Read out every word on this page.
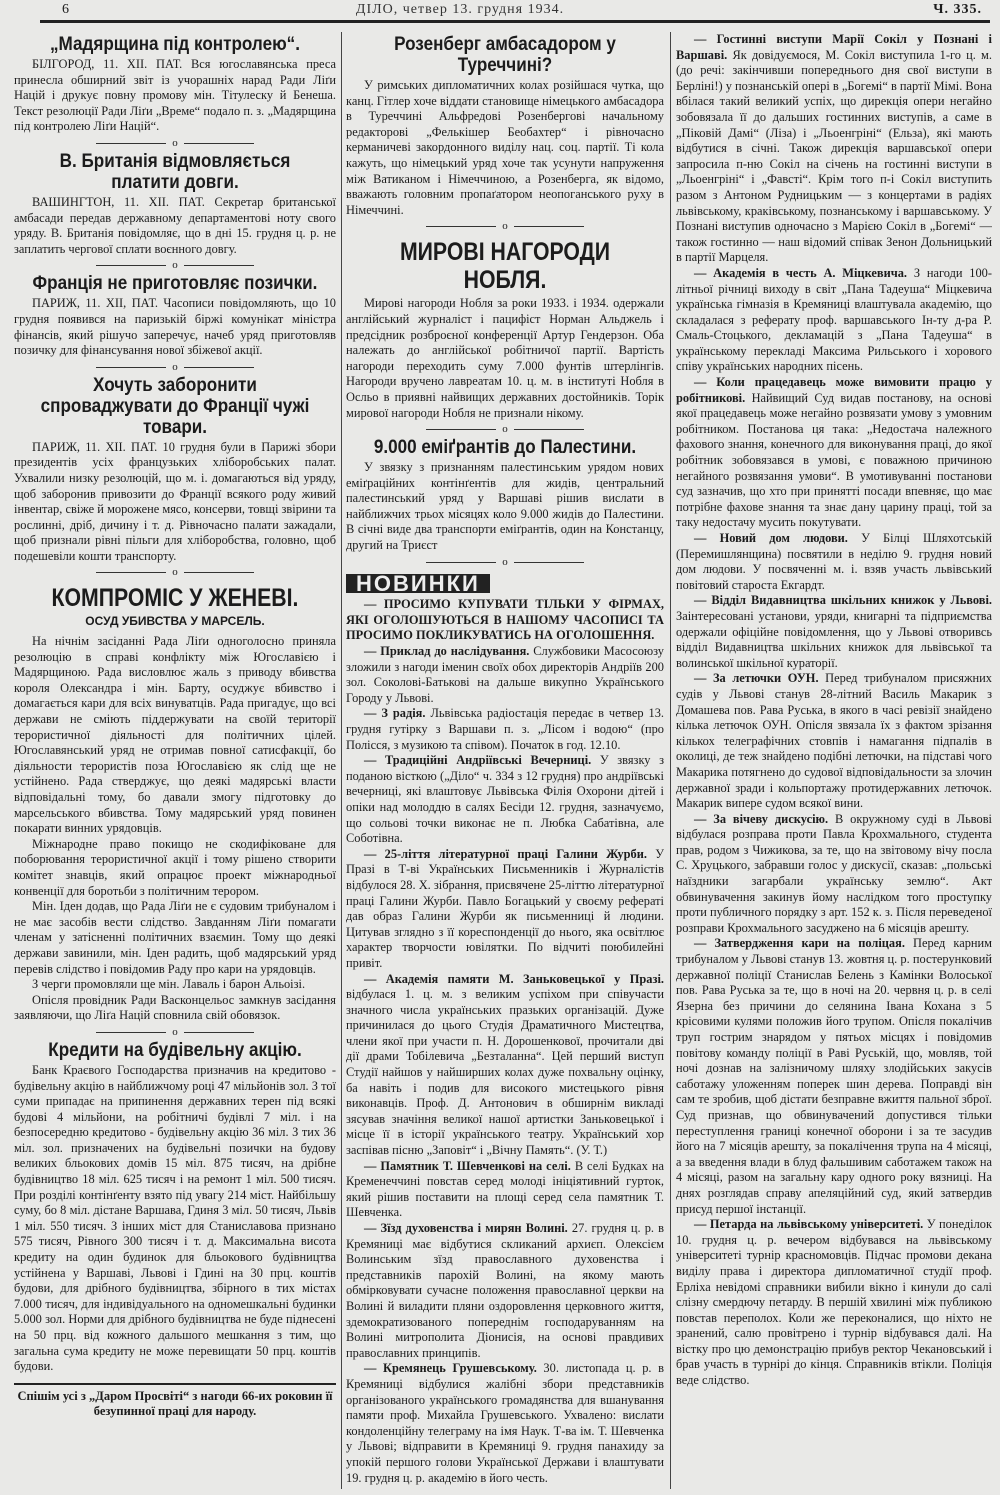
6	ДІЛО, четвер 13. грудня 1934.	Ч. 335.
„Мадярщина під контролею“.

БІЛГОРОД, 11. XII. ПАТ. Вся югославянська преса принесла обширний звіт із учорашніх нарад Ради Ліґи Націй і друкує повну промову мін. Тітулеску й Бенеша. Текст резолюції Ради Ліґи „Време“ подало п. з. „Мадярщина під контролею Ліґи Націй“.

o
В. Британія відмовляється платити довги.

ВАШИНГТОН, 11. XII. ПАТ. Секретар британської амбасади передав державному департаментові ноту свого уряду. В. Британія повідомляє, що в дні 15. грудня ц. р. не заплатить чергової сплати воєнного довгу.

o
Франція не приготовляє позички.

ПАРИЖ, 11. XII, ПАТ. Часописи повідомляють, що 10 грудня появився на паризькій біржі комунікат міністра фінансів, який рішучо заперечує, начеб уряд приготовляв позичку для фінансування нової збіжевої акції.

o
Хочуть заборонити спроваджувати до Франції чужі товари.

ПАРИЖ, 11. XII. ПАТ. 10 грудня були в Парижі збори президентів усіх французьких хліборобських палат. Ухвалили низку резолюцій, що м. і. домагаються від уряду, щоб заборонив привозити до Франції всякого роду живий інвентар, свіже й морожене мясо, консерви, товщі звірини та рослинні, дріб, дичину і т. д. Рівночасно палати зажадали, щоб признали рівні пільги для хліборобства, головно, щоб подешевіли кошти транспорту.

o
КОМПРОМІС У ЖЕНЕВІ.
ОСУД УБИВСТВА У МАРСЕЛЬ.

На нічнім засіданні Рада Ліґи одноголосно приняла резолюцію в справі конфлікту між Югославією і Мадярщиною. Рада висловлює жаль з приводу вбивства короля Олександра і мін. Барту, осуджує вбивство і домагається кари для всіх винуватців. Рада пригадує, що всі держави не сміють піддержувати на своїй території терористичної діяльності для політичних цілей. Югославянський уряд не отримав повної сатисфакції, бо діяльности терористів поза Югославією як слід ще не устійнено. Рада стверджує, що деякі мадярські власти відповідальні тому, бо давали змогу підготовку до марсельського вбивства. Тому мадярський уряд повинен покарати винних урядовців.

Міжнародне право покищо не скодифіковане для поборювання терористичної акції і тому рішено створити комітет знавців, який опрацює проект міжнародньої конвенції для боротьби з політичним терором.

Мін. Іден додав, що Рада Ліґи не є судовим трибуналом і не має засобів вести слідство. Завданням Ліґи помагати членам у затісненні політичних взаємин. Тому що деякі держави завинили, мін. Іден радить, щоб мадярський уряд перевів слідство і повідомив Раду про кари на урядовців.

З черги промовляли ще мін. Лаваль і барон Альоізі.

Опісля провідник Ради Васконцельос замкнув засідання заявляючи, що Ліґа Націй сповнила свій обовязок.

o
Кредити на будівельну акцію.

Банк Краєвого Господарства призначив на кредитово - будівельну акцію в найближчому році 47 мільйонів зол. З тої суми припадає на припинення державних терен під всякі будові 4 мільйони, на робітничі будівлі 7 міл. і на безпосередню кредитово - будівельну акцію 36 міл. З тих 36 міл. зол. призначених на будівельні позички на будову великих бльокових домів 15 міл. 875 тисяч, на дрібне будівництво 18 міл. 625 тисяч і на ремонт 1 міл. 500 тисяч. При розділі контінґенту взято під увагу 214 міст. Найбільшу суму, бо 8 міл. дістане Варшава, Гдиня 3 міл. 50 тисяч, Львів 1 міл. 550 тисяч. З інших міст для Станиславова признано 575 тисяч, Рівного 300 тисяч і т. д. Максимальна висота кредиту на один будинок для бльокового будівництва устійнена у Варшаві, Львові і Гдині на 30 прц. коштів будови, для дрібного будівництва, збірного в тих містах 7.000 тисяч, для індивідуального на одномешкальні будинки 5.000 зол. Норми для дрібного будівництва не буде піднесені на 50 прц. від кожного дальшого мешкання з тим, що загальна сума кредиту не може перевищати 50 прц. коштів будови.

Спішім усі з „Даром Просвіті“ з нагоди 66-их роковин її безупинної праці для народу.
Розенберг амбасадором у Туреччині?

У римських дипломатичних колах розійшася чутка, що канц. Гітлер хоче віддати становище німецького амбасадора в Туреччині Альфредові Розенбергові начальному редакторові „Фелькішер Беобахтер“ і рівночасно керманичеві закордонного виділу нац. соц. партії. Ті кола кажуть, що німецький уряд хоче так усунути напруження між Ватиканом і Німеччиною, а Розенберга, як відомо, вважають головним пропаґатором неопоганського руху в Німеччині.

o
МИРОВІ НАГОРОДИ НОБЛЯ.

Мирові нагороди Нобля за роки 1933. і 1934. одержали англійський журналіст і пацифіст Норман Альджель і предсідник розброєної конференції Артур Гендерзон. Оба належать до англійської робітничої партії. Вартість нагороди переходить суму 7.000 фунтів штерлінгів. Нагороди вручено лавреатам 10. ц. м. в інституті Нобля в Осльо в приявні найвищих державних достойників. Торік мирової нагороди Нобля не признали нікому.

o
9.000 еміґрантів до Палестини.

У звязку з признанням палестинським урядом нових еміґраційних контінґентів для жидів, центральний палестинський уряд у Варшаві рішив вислати в найближчих трьох місяцях коло 9.000 жидів до Палестини. В січні виде два транспорти еміґрантів, один на Констанцу, другий на Триєст

o
НОВИНКИ

— ПРОСИМО КУПУВАТИ ТІЛЬКИ У ФІРМАХ, ЯКІ ОГОЛОШУЮТЬСЯ В НАШОМУ ЧАСОПИСІ ТА ПРОСИМО ПОКЛИКУВАТИСЬ НА ОГОЛОШЕННЯ.

— Приклад до наслідування. Службовики Масосоюзу зложили з нагоди іменин своїх обох директорів Андріїв 200 зол. Соколові-Батькові на дальше викупно Українського Городу у Львові.

— З радія. Львівська радіостація передає в четвер 13. грудня гутірку з Варшави п. з. „Лісом і водою“ (про Полісся, з музикою та співом). Початок в год. 12.10.

— Традиційні Андріївські Вечерниці. У звязку з поданою вісткою („Діло“ ч. 334 з 12 грудня) про андріївські вечерниці, які влаштовує Львівська Філія Охорони дітей і опіки над молоддю в салях Бесіди 12. грудня, зазначуємо, що сольові точки виконає не п. Любка Сабатівна, але Соботівна.

— 25-ліття літературної праці Галини Журби. У Празі в Т-ві Українських Письменників і Журналістів відбулося 28. Х. зібрання, присвячене 25-літтю літературної праці Галини Журби. Павло Богацький у своєму рефераті дав образ Галини Журби як письменниці й людини. Цитував зглядно з її кореспонденції до нього, яка освітлює характер творчости ювілятки. По відчиті поюбилейні привіт.

— Академія памяти М. Заньковецької у Празі. відбулася 1. ц. м. з великим успіхом при співучасти значного числа українських празьких організацій. Дуже причинилася до цього Студія Драматичного Мистецтва, члени якої при участи п. Н. Дорошенкової, прочитали дві дії драми Тобілевича „Безталанна“. Цей перший виступ Студії найшов у найширших колах дуже похвальну оцінку, ба навіть і подив для високого мистецького рівня виконавців. Проф. Д. Антонович в обширнім викладі зясував значіння великої нашої артистки Заньковецької і місце її в історії українського театру. Український хор заспівав пісню „Заповіт“ і „Вічну Память“. (У. Т.)

— Памятник Т. Шевченкові на селі. В селі Будках на Кременеччині повстав серед молоді ініціятивний гурток, який рішив поставити на площі серед села памятник Т. Шевченка.

— Зїзд духовенства і мирян Волині. 27. грудня ц. р. в Кремяниці має відбутися скликаний архиєп. Олексієм Волинським зїзд православного духовенства і представників парохій Волині, на якому мають обмірковувати сучасне положення православної церкви на Волині й виладити пляни оздоровлення церковного життя, здемократизованого попереднім господаруванням на Волині митрополита Діонисія, на основі правдивих православних принципів.

— Кремянець Грушевському. 30. листопада ц. р. в Кремяниці відбулися жалібні збори представників організованого українського громадянства для вшанування памяти проф. Михайла Грушевського. Ухвалено: вислати кондоленційну телеграму на імя Наук. Т-ва ім. Т. Шевченка у Львові; відправити в Кремяниці 9. грудня панахиду за упокій першого голови Української Держави і влаштувати 19. грудня ц. р. академію в його честь.

— Гостинні виступи Марії Сокіл у Познані і Варшаві. Як довідуємося, М. Сокіл виступила 1-го ц. м. (до речі: закінчивши попереднього дня свої виступи в Берліні!) у познанській опері в „Богемі“ в партії Мімі. Вона вбілася такий великий успіх, що дирекція опери негайно зобовязала її до дальших гостинних виступів, а саме в „Піковій Дамі“ (Ліза) і „Льоенгріні“ (Ельза), які мають відбутися в січні. Також дирекція варшавської опери запросила п-ню Сокіл на січень на гостинні виступи в „Льоенгріні“ і „Фавсті“. Крім того п-і Сокіл виступить разом з Антоном Рудницьким — з концертами в радіях львівському, краківському, познанському і варшавському. У Познані виступив одночасно з Марією Сокіл в „Богемі“ — також гостинно — наш відомий співак Зенон Дольницький в партії Марцеля.

— Академія в честь А. Міцкевича. З нагоди 100-літньої річниці виходу в світ „Пана Тадеуша“ Міцкевича українська гімназія в Кремяниці влаштувала академію, що складалася з реферату проф. варшавського Ін-ту д-ра Р. Смаль-Стоцького, декламацій з „Пана Тадеуша“ в українському перекладі Максима Рильського і хорового співу українських народних пісень.

— Коли працедавець може вимовити працю у робітникові. Найвищий Суд видав постанову, на основі якої працедавець може негайно розвязати умову з умовним робітником. Постанова ця така: „Недостача належного фахового знання, конечного для виконування праці, до якої робітник зобовязався в умові, є поважною причиною негайного розвязання умови“. В умотивуванні постанови суд зазначив, що хто при принятті посади впевняє, що має потрібне фахове знання та знає дану царину праці, той за таку недостачу мусить покутувати.

— Новий дом людови. У Білці Шляхотській (Перемишлянщина) посвятили в неділю 9. грудня новий дом людови. У посвяченні м. і. взяв участь львівський повітовий староста Екгардт.

— Відділ Видавництва шкільних книжок у Львові. Заінтересовані установи, уряди, книгарні та підприємства одержали офіційне повідомлення, що у Львові отворивсь відділ Видавництва шкільних книжок для львівської та волинської шкільної кураторії.

— За летючки ОУН. Перед трибуналом присяжних судів у Львові станув 28-літний Василь Макарик з Домашева пов. Рава Руська, в якого в часі ревізії знайдено кілька летючок ОУН. Опісля звязала їх з фактом зрізання кількох телеграфічних стовпів і намагання підпалів в околиці, де теж знайдено подібні летючки, на підставі чого Макарика потягнено до судової відповідальности за злочин державної зради і кольпортажу протидержавних летючок. Макарик випере судом всякої вини.

— За вічеву дискусію. В окружному суді в Львові відбулася розправа проти Павла Крохмального, студента прав, родом з Чижикова, за те, що на звітовому вічу посла С. Хруцького, забравши голос у дискусії, сказав: „польські наїздники загарбали українську землю“. Акт обвинувачення закинув йому наслідком того проступку проти публичного порядку з арт. 152 к. з. Після переведеної розправи Крохмального засуджено на 6 місяців арешту.

— Затвердження кари на поліцая. Перед карним трибуналом у Львові станув 13. жовтня ц. р. постерунковий державної поліції Станислав Белень з Камінки Волоської пов. Рава Руська за те, що в ночі на 20. червня ц. р. в селі Язерна без причини до селянина Івана Кохана з 5 крісовими кулями положив його трупом. Опісля покалічив труп гострим знарядом у пятьох місцях і повідомив повітову команду поліції в Раві Руській, що, мовляв, той ночі дознав на залізничому шляху злодійських закусів саботажу уложенням поперек шин дерева. Поправді він сам те зробив, щоб дістати безправне вжиття пальної зброї. Суд признав, що обвинувачений допустився тільки переступлення границі конечної оборони і за те засудив його на 7 місяців арешту, за покалічення трупа на 4 місяці, а за введення влади в блуд фальшивим саботажем також на 4 місяці, разом на загальну кару одного року вязниці. На днях розглядав справу апеляційний суд, який затвердив присуд першої інстанції.

— Петарда на львівському університеті. У понеділок 10. грудня ц. р. вечером відбувався на львівському університеті турнір красномовців. Підчас промови декана виділу права і директора дипломатичної студії проф. Ерліха невідомі справники вибили вікно і кинули до салі слізну смердючу петарду. В першій хвилині між публикою повстав переполох. Коли же переконалися, що ніхто не зранений, салю провітрено і турнір відбувався далі. На вістку про цю демонстрацію прибув ректор Чекановський і брав участь в турнірі до кінця. Справників втікли. Поліція веде слідство.
